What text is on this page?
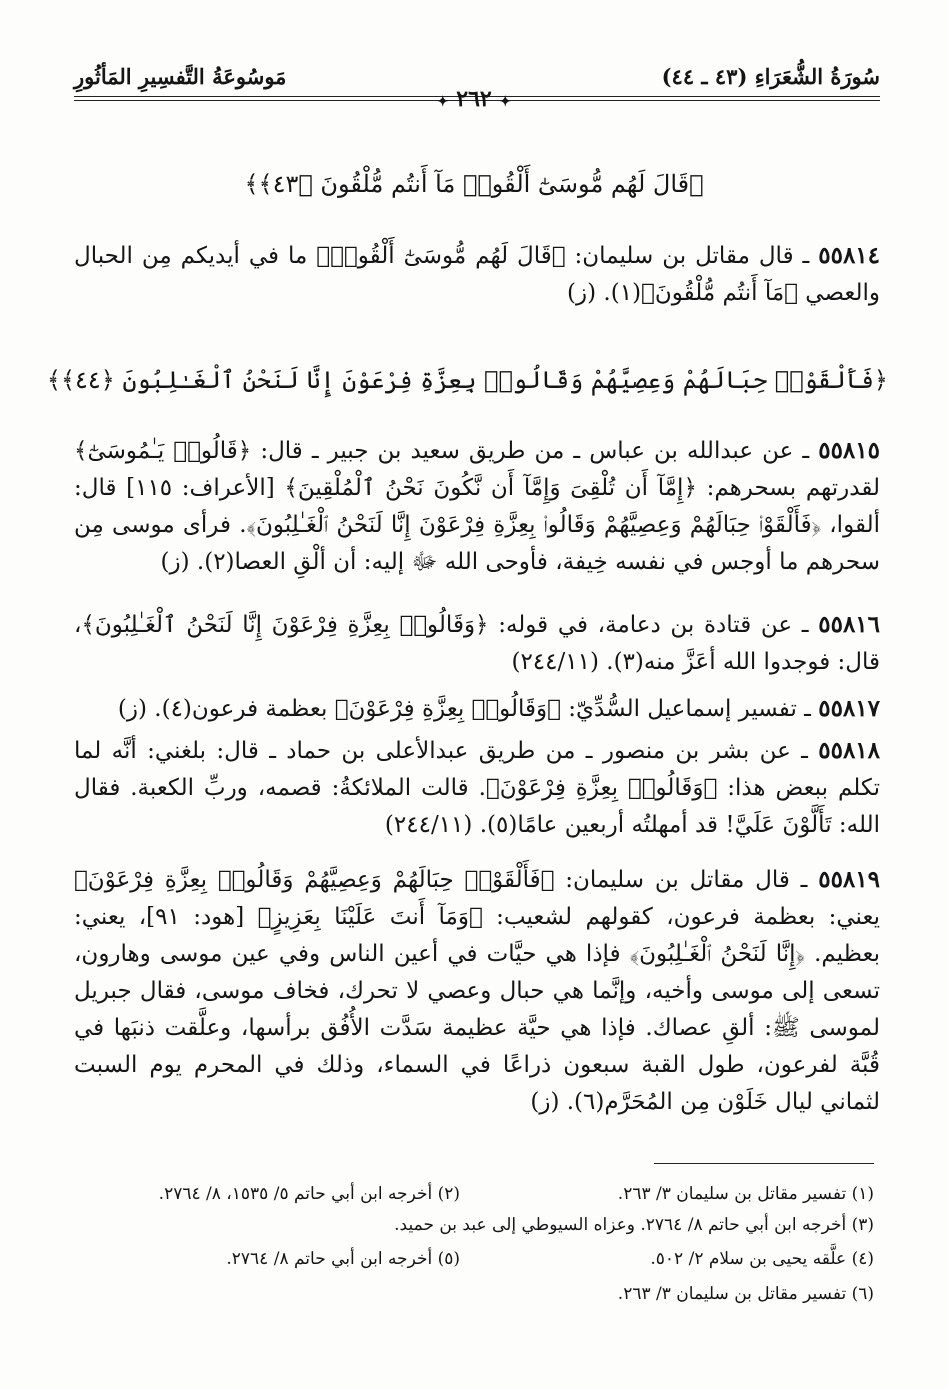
سُورَةُ الشُّعَرَاءِ (٤٣ ـ ٤٤)
مَوسُوعَةُ التَّفسِيرِ المَأثُورِ
✦ ٢٦٢ ✦
﴿قَالَ لَهُم مُّوسَىٰٓ أَلْقُوا۟ مَآ أَنتُم مُّلْقُونَ ﴿٤٣﴾﴾
٥٥٨١٤ ـ قال مقاتل بن سليمان: ﴿قَالَ لَهُم مُّوسَىٰٓ أَلْقُوا۟﴾ ما في أيديكم مِن الحبال والعصي ﴿مَآ أَنتُم مُّلْقُونَ﴾(١). (ز)
﴿فَأَلْقَوْا۟ حِبَالَهُمْ وَعِصِيَّهُمْ وَقَالُوا۟ بِعِزَّةِ فِرْعَوْنَ إِنَّا لَنَحْنُ ٱلْغَـٰلِبُونَ ﴿٤٤﴾﴾
٥٥٨١٥ ـ عن عبدالله بن عباس ـ من طريق سعيد بن جبير ـ قال: ﴿قَالُوا۟ يَـٰمُوسَىٰٓ﴾ لقدرتهم بسحرهم: ﴿إِمَّآ أَن تُلْقِىَ وَإِمَّآ أَن نَّكُونَ نَحْنُ ٱلْمُلْقِينَ﴾ [الأعراف: ١١٥] قال: ألقوا، ﴿فَأَلْقَوْا۟ حِبَالَهُمْ وَعِصِيَّهُمْ وَقَالُوا۟ بِعِزَّةِ فِرْعَوْنَ إِنَّا لَنَحْنُ ٱلْغَـٰلِبُونَ﴾. فرأى موسى مِن سحرهم ما أوجس في نفسه خِيفة، فأوحى الله ﷻ إليه: أن ألْقِ العصا(٢). (ز)
٥٥٨١٦ ـ عن قتادة بن دعامة، في قوله: ﴿وَقَالُوا۟ بِعِزَّةِ فِرْعَوْنَ إِنَّا لَنَحْنُ ٱلْغَـٰلِبُونَ﴾، قال: فوجدوا الله أعَزَّ منه(٣). (٢٤٤/١١)
٥٥٨١٧ ـ تفسير إسماعيل السُّدِّيّ: ﴿وَقَالُوا۟ بِعِزَّةِ فِرْعَوْنَ﴾ بعظمة فرعون(٤). (ز)
٥٥٨١٨ ـ عن بشر بن منصور ـ من طريق عبدالأعلى بن حماد ـ قال: بلغني: أنَّه لما تكلم ببعض هذا: ﴿وَقَالُوا۟ بِعِزَّةِ فِرْعَوْنَ﴾. قالت الملائكةُ: قصمه، وربِّ الكعبة. فقال الله: تَأَلَّوْنَ عَلَيَّ! قد أمهلتُه أربعين عامًا(٥). (٢٤٤/١١)
٥٥٨١٩ ـ قال مقاتل بن سليمان: ﴿فَأَلْقَوْا۟ حِبَالَهُمْ وَعِصِيَّهُمْ وَقَالُوا۟ بِعِزَّةِ فِرْعَوْنَ﴾ يعني: بعظمة فرعون، كقولهم لشعيب: ﴿وَمَآ أَنتَ عَلَيْنَا بِعَزِيزٍ﴾ [هود: ٩١]، يعني: بعظيم. ﴿إِنَّا لَنَحْنُ ٱلْغَـٰلِبُونَ﴾ فإذا هي حيَّات في أعين الناس وفي عين موسى وهارون، تسعى إلى موسى وأخيه، وإنَّما هي حبال وعصي لا تحرك، فخاف موسى، فقال جبريل لموسى ﷺ: ألقِ عصاك. فإذا هي حيَّة عظيمة سَدَّت الأُفُق برأسها، وعلَّقت ذنبَها في قُبَّة لفرعون، طول القبة سبعون ذراعًا في السماء، وذلك في المحرم يوم السبت لثماني ليال خَلَوْن مِن المُحَرَّم(٦). (ز)
(١) تفسير مقاتل بن سليمان ٣/ ٢٦٣.
(٢) أخرجه ابن أبي حاتم ٥/ ١٥٣٥، ٨/ ٢٧٦٤.
(٣) أخرجه ابن أبي حاتم ٨/ ٢٧٦٤. وعزاه السيوطي إلى عبد بن حميد.
(٤) علَّقه يحيى بن سلام ٢/ ٥٠٢.
(٥) أخرجه ابن أبي حاتم ٨/ ٢٧٦٤.
(٦) تفسير مقاتل بن سليمان ٣/ ٢٦٣.
